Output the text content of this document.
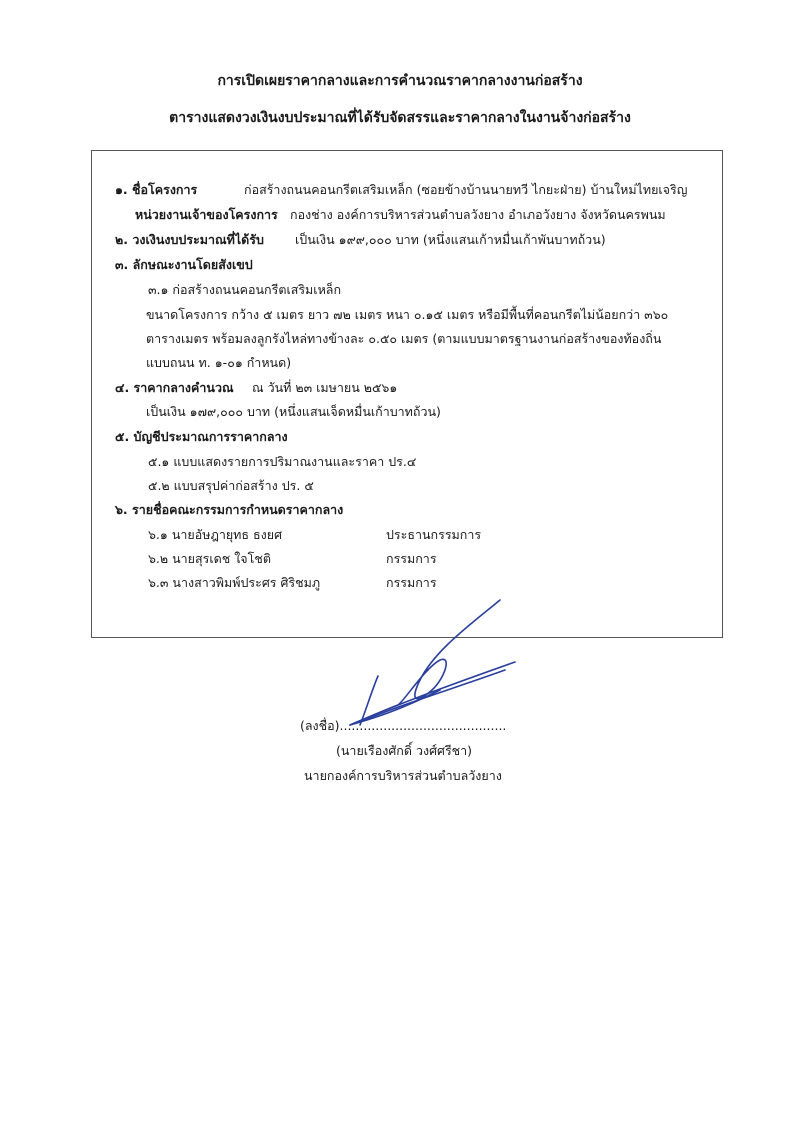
การเปิดเผยราคากลางและการคำนวณราคากลางงานก่อสร้าง
ตารางแสดงวงเงินงบประมาณที่ได้รับจัดสรรและราคากลางในงานจ้างก่อสร้าง
๑. ชื่อโครงการ	ก่อสร้างถนนคอนกรีตเสริมเหล็ก (ซอยข้างบ้านนายทวี ไกยะฝ่าย) บ้านใหม่ไทยเจริญ
หน่วยงานเจ้าของโครงการ กองช่าง องค์การบริหารส่วนตำบลวังยาง อำเภอวังยาง จังหวัดนครพนม
๒. วงเงินงบประมาณที่ได้รับ เป็นเงิน ๑๙๙,๐๐๐ บาท (หนึ่งแสนเก้าหมื่นเก้าพันบาทถ้วน)
๓. ลักษณะงานโดยสังเขป
๓.๑ ก่อสร้างถนนคอนกรีตเสริมเหล็ก
ขนาดโครงการ กว้าง ๕ เมตร ยาว ๗๒ เมตร หนา ๐.๑๕ เมตร หรือมีพื้นที่คอนกรีตไม่น้อยกว่า ๓๖๐
ตารางเมตร พร้อมลงลูกรังไหล่ทางข้างละ ๐.๕๐ เมตร (ตามแบบมาตรฐานงานก่อสร้างของท้องถิ่น
แบบถนน ท. ๑-๐๑ กำหนด)
๔. ราคากลางคำนวณ ณ วันที่ ๒๓ เมษายน ๒๕๖๑
เป็นเงิน ๑๗๙,๐๐๐ บาท (หนึ่งแสนเจ็ดหมื่นเก้าบาทถ้วน)
๕. บัญชีประมาณการราคากลาง
๕.๑ แบบแสดงรายการปริมาณงานและราคา ปร.๔
๕.๒ แบบสรุปค่าก่อสร้าง ปร. ๕
๖. รายชื่อคณะกรรมการกำหนดราคากลาง
๖.๑ นายอัษฎายุทธ ธงยศ	ประธานกรรมการ
๖.๒ นายสุรเดช ใจโชติ	กรรมการ
๖.๓ นางสาวพิมพ์ประศร ศิริชมภู	กรรมการ
(ลงชื่อ)..........................................
(นายเรืองศักดิ์ วงศ์ศรีชา)
นายกองค์การบริหารส่วนตำบลวังยาง
